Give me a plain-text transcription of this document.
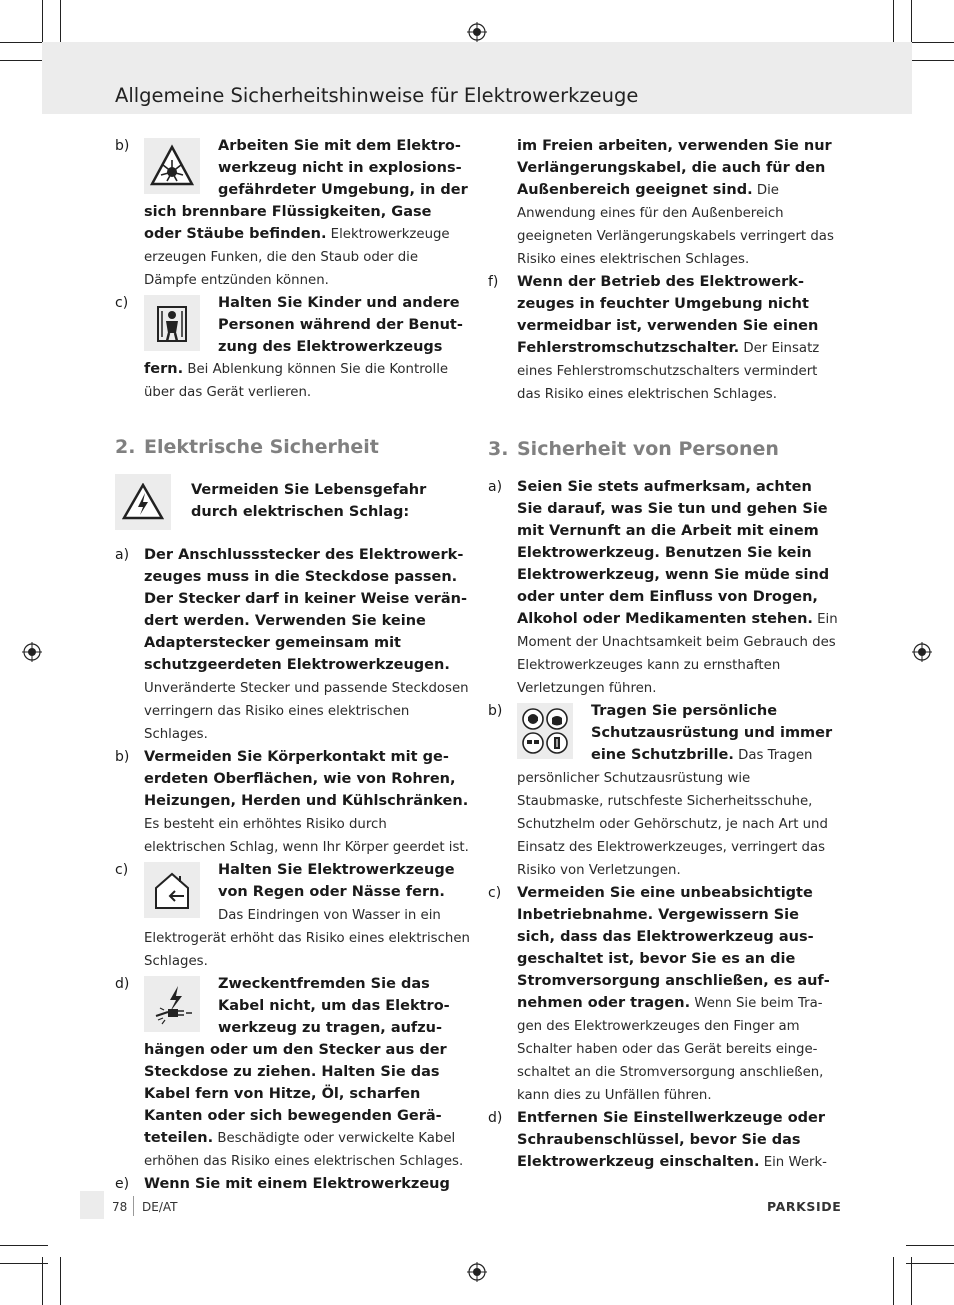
Allgemeine Sicherheitshinweise für Elektrowerkzeuge
b)	Arbeiten Sie mit dem Elektrowerkzeug nicht in explosionsgefährdeter Umgebung, in der sich brennbare Flüssigkeiten, Gase oder Stäube befinden. Elektrowerkzeuge erzeugen Funken, die den Staub oder die Dämpfe entzünden können.
c)	Halten Sie Kinder und andere Personen während der Benutzung des Elektrowerkzeugs fern. Bei Ablenkung können Sie die Kontrolle über das Gerät verlieren.
2. Elektrische Sicherheit
Vermeiden Sie Lebensgefahr durch elektrischen Schlag:
a) Der Anschlussstecker des Elektrowerkzeuges muss in die Steckdose passen. Der Stecker darf in keiner Weise verändert werden. Verwenden Sie keine Adapterstecker gemeinsam mit schutzgeerdeten Elektrowerkzeugen. Unveränderte Stecker und passende Steckdosen verringern das Risiko eines elektrischen Schlages.
b) Vermeiden Sie Körperkontakt mit geerdeten Oberflächen, wie von Rohren, Heizungen, Herden und Kühlschränken. Es besteht ein erhöhtes Risiko durch elektrischen Schlag, wenn Ihr Körper geerdet ist.
c)	Halten Sie Elektrowerkzeuge von Regen oder Nässe fern. Das Eindringen von Wasser in ein Elektrogerät erhöht das Risiko eines elektrischen Schlages.
d)	Zweckentfremden Sie das Kabel nicht, um das Elektrowerkzeug zu tragen, aufzuhängen oder um den Stecker aus der Steckdose zu ziehen. Halten Sie das Kabel fern von Hitze, Öl, scharfen Kanten oder sich bewegenden Geräteteilen. Beschädigte oder verwickelte Kabel erhöhen das Risiko eines elektrischen Schlages.
e) Wenn Sie mit einem Elektrowerkzeug

im Freien arbeiten, verwenden Sie nur Verlängerungskabel, die auch für den Außenbereich geeignet sind. Die Anwendung eines für den Außenbereich geeigneten Verlängerungskabels verringert das Risiko eines elektrischen Schlages.

f) Wenn der Betrieb des Elektrowerkzeuges in feuchter Umgebung nicht vermeidbar ist, verwenden Sie einen Fehlerstromschutzschalter. Der Einsatz eines Fehlerstromschutzschalters vermindert das Risiko eines elektrischen Schlages.
3. Sicherheit von Personen
a) Seien Sie stets aufmerksam, achten Sie darauf, was Sie tun und gehen Sie mit Vernunft an die Arbeit mit einem Elektrowerkzeug. Benutzen Sie kein Elektrowerkzeug, wenn Sie müde sind oder unter dem Einfluss von Drogen, Alkohol oder Medikamenten stehen. Ein Moment der Unachtsamkeit beim Gebrauch des Elektrowerkzeuges kann zu ernsthaften Verletzungen führen.
b)	Tragen Sie persönliche Schutzausrüstung und immer eine Schutzbrille. Das Tragen persönlicher Schutzausrüstung wie Staubmaske, rutschfeste Sicherheitsschuhe, Schutzhelm oder Gehörschutz, je nach Art und Einsatz des Elektrowerkzeuges, verringert das Risiko von Verletzungen.
c) Vermeiden Sie eine unbeabsichtigte Inbetriebnahme. Vergewissern Sie sich, dass das Elektrowerkzeug ausgeschaltet ist, bevor Sie es an die Stromversorgung anschließen, es aufnehmen oder tragen. Wenn Sie beim Tragen des Elektrowerkzeuges den Finger am Schalter haben oder das Gerät bereits eingeschaltet an die Stromversorgung anschließen, kann dies zu Unfällen führen.
d) Entfernen Sie Einstellwerkzeuge oder Schraubenschlüssel, bevor Sie das Elektrowerkzeug einschalten. Ein Werk-
78 DE/AT	PARKSIDE
